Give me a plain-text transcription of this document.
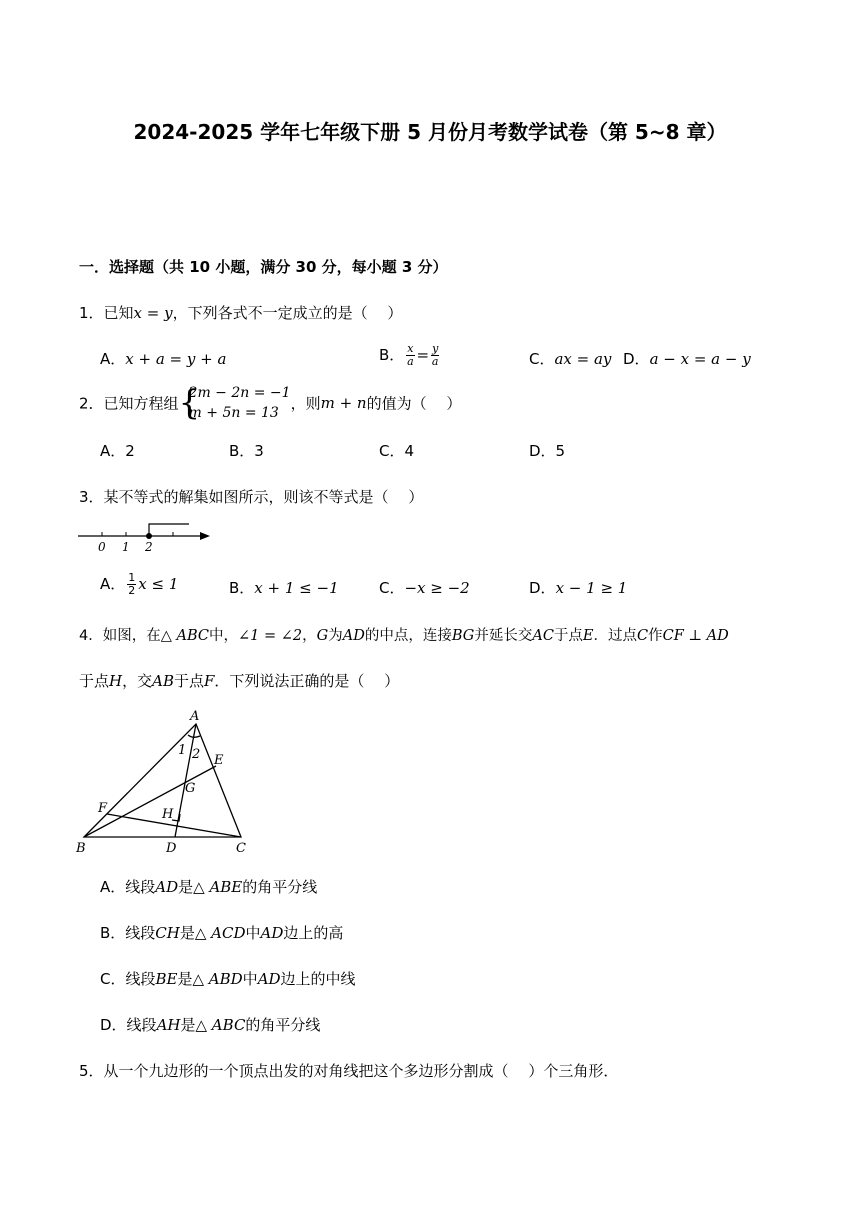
2024-2025 学年七年级下册 5 月份月考数学试卷（第 5~8 章）
一．选择题（共 10 小题，满分 30 分，每小题 3 分）
1．已知x = y，下列各式不一定成立的是（　 ）
A．x + a = y + a	B． $\frac{x}{a} = \frac{y}{a}$	C．ax = ay D．a − x = a − y
2．已知方程组 {
2m − 2n = −1
m + 5n = 13
，则m + n的值为（　 ）
A．2	B．3	C．4	D．5
3．某不等式的解集如图所示，则该不等式是（　 ）
0 1 2
A． $\frac{1}{2}$ x ≤ 1	B．x + 1 ≤ −1	C．−x ≥ −2	D．x − 1 ≥ 1
4．如图，在△ ABC中，∠1 = ∠2，G为AD的中点，连接BG并延长交AC于点E．过点C作CF ⊥ AD
于点H，交AB于点F．下列说法正确的是（　 ）
A
B	C
D
E
F
G
H
1 2
A．线段AD是△ ABE的角平分线
B．线段CH是△ ACD中AD边上的高
C．线段BE是△ ABD中AD边上的中线
D．线段AH是△ ABC的角平分线
5．从一个九边形的一个顶点出发的对角线把这个多边形分割成（　 ）个三角形．
